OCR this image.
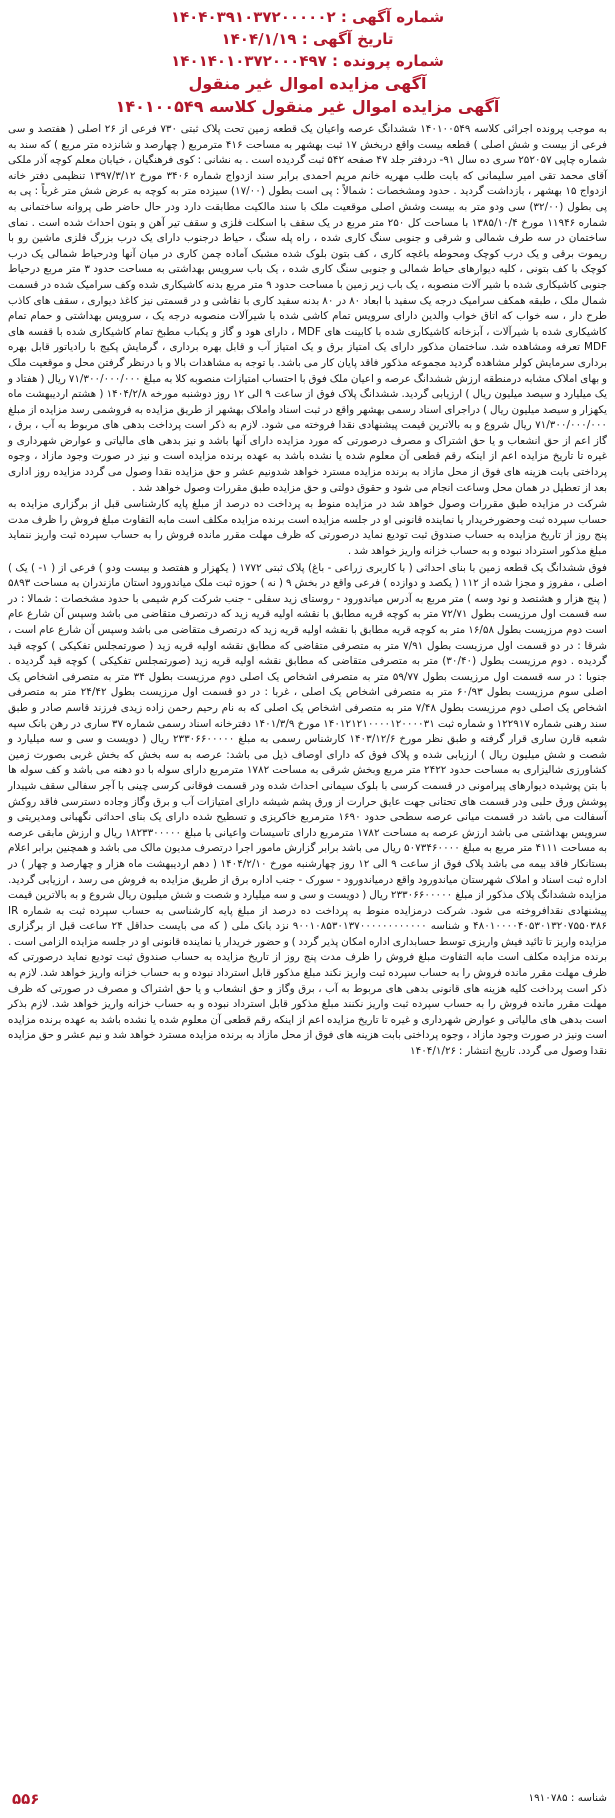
شماره آگهی : ۱۴۰۴۰۳۹۱۰۳۷۲۰۰۰۰۰۲
تاریخ آگهی : ۱۴۰۴/۱/۱۹
شماره پرونده : ۱۴۰۱۴۰۱۰۳۷۲۰۰۰۴۹۷
آگهی مزایده اموال غیر منقول
آگهی مزایده اموال غیر منقول کلاسه ۱۴۰۱۰۰۵۴۹

به موجب پرونده اجرائی کلاسه ۱۴۰۱۰۰۵۴۹ ششدانگ عرصه واعیان یک قطعه زمین تحت پلاک ثبتی ۷۳۰ فرعی از ۲۶ اصلی ( هفتصد و سی فرعی از بیست و شش اصلی ) قطعه بیست واقع دربخش ۱۷ ثبت بهشهر به مساحت ۴۱۶ مترمربع ( چهارصد و شانزده متر مربع ) که سند به شماره چاپی ۲۵۲۰۵۷ سری ده سال ۹۱- دردفتر جلد ۴۷ صفحه ۵۴۲ ثبت گردیده است . به نشانی : کوی فرهنگیان ، خیابان معلم کوچه آذر ملکی آقای محمد تقی امیر سلیمانی که بابت طلب مهریه خانم مریم احمدی برابر سند ازدواج شماره ۳۴۰۶ مورخ ۱۳۹۷/۳/۱۲ تنظیمی دفتر خانه ازدواج ۱۵ بهشهر ، بازداشت گردید . حدود ومشخصات : شمالاً : پی است بطول (۱۷/۰۰) سیزده متر به کوچه به عرض شش متر غرباً : پی به پی بطول (۳۲/۰۰) سی ودو متر به بیست وشش اصلی موقعیت ملک با سند مالکیت مطابقت دارد ودر حال حاضر طی پروانه ساختمانی به شماره ۱۱۹۴۶ مورخ ۱۳۸۵/۱۰/۴ با مساحت کل ۲۵۰ متر مربع در یک سقف با اسکلت فلزی و سقف تیر آهن و بتون احداث شده است . نمای ساختمان در سه طرف شمالی و شرقی و جنوبی سنگ کاری شده ، راه پله سنگ ، حیاط درجنوب دارای یک درب بزرگ فلزی ماشین رو با ریموت برقی و یک درب کوچک ومحوطه باغچه کاری ، کف بتون بلوک شده مشبک آماده چمن کاری در میان آنها ودرحیاط شمالی یک درب کوچک با کف بتونی ، کلیه دیوارهای حیاط شمالی و جنوبی سنگ کاری شده ، یک باب سرویس بهداشتی به مساحت حدود ۳ متر مربع درحیاط جنوبی کاشیکاری شده با شیر آلات منصوبه ، یک باب زیر زمین با مساحت حدود ۹ متر مربع بدنه کاشیکاری شده وکف سرامیک شده در قسمت شمال ملک ، طبقه همکف سرامیک درجه یک سفید با ابعاد ۸۰ در ۸۰ بدنه سفید کاری با نقاشی و در قسمتی نیز کاغذ دیواری ، سقف های کاذب طرح دار ، سه خواب که اتاق خواب والدین دارای سرویس تمام کاشی شده با شیرآلات منصوبه درجه یک ، سرویس بهداشتی و حمام تمام کاشیکاری شده با شیرآلات ، آبزخانه کاشیکاری شده با کابینت های MDF ، دارای هود و گاز و یکباب مطبخ تمام کاشیکاری شده با قفسه های MDF تعرفه ومشاهده شد. ساختمان مذکور دارای یک امتیاز برق و یک امتیاز آب و قابل بهره برداری ، گرمایش پکیج با رادیاتور قابل بهره برداری سرمایش کولر مشاهده گردید مجموعه مذکور فاقد پایان کار می باشد. با توجه به مشاهدات بالا و با درنظر گرفتن محل و موقعیت ملک و بهای املاک مشابه درمنطقه ارزش ششدانگ عرصه و اعیان ملک فوق با احتساب امتیازات منصوبه کلا به مبلغ ۷۱/۳۰۰/۰۰۰/۰۰۰ ریال ( هفتاد و یک میلیارد و سیصد میلیون ریال ) ارزیابی گردید. ششدانگ پلاک فوق از ساعت ۹ الی ۱۲ روز دوشنبه مورخه ۱۴۰۴/۲/۸ ( هشتم اردیبهشت ماه یکهزار و سیصد میلیون ریال ) دراجرای اسناد رسمی بهشهر واقع در ثبت اسناد واملاک بهشهر از طریق مزایده به فروشمی رسد مزایده از مبلغ ۷۱/۳۰۰/۰۰۰/۰۰۰ ریال شروع و به بالاترین قیمت پیشنهادی نقدا فروخته می شود. لازم به ذکر است پرداخت بدهی های مربوط به آب ، برق ، گاز اعم از حق انشعاب و یا حق اشتراک و مصرف درصورتی که مورد مزایده دارای آنها باشد و نیز بدهی های مالیاتی و عوارض شهرداری و غیره تا تاریخ مزایده اعم از اینکه رقم قطعی آن معلوم شده یا نشده باشد به عهده برنده مزایده است و نیز در صورت وجود مازاد ، وجوه پرداختی بابت هزینه های فوق از محل مازاد به برنده مزایده مسترد خواهد شدونیم عشر و حق مزایده نقدا وصول می گردد مزایده روز اداری بعد از تعطیل در همان محل وساعت انجام می شود و حقوق دولتی و حق مزایده طبق مقررات وصول خواهد شد .

شرکت در مزایده طبق مقررات وصول خواهد شد در مزایده منوط به پرداخت ده درصد از مبلغ پایه کارشناسی قبل از برگزاری مزایده به حساب سپرده ثبت وحضورخریدار یا نماینده قانونی او در جلسه مزایده است برنده مزایده مکلف است مابه التفاوت مبلغ فروش را ظرف مدت پنج روز از تاریخ مزایده به حساب صندوق ثبت تودیع نماید درصورتی که ظرف مهلت مقرر مانده فروش را به حساب سپرده ثبت واریز ننماید مبلغ مذکور استرداد نبوده و به حساب خزانه واریز خواهد شد .

فوق ششدانگ یک قطعه زمین با بنای احداثی ( با کاربری زراعی - باغ) پلاک ثبتی ۱۷۷۲ ( یکهزار و هفتصد و بیست ودو ) فرعی از ( ۱- ) یک ) اصلی ، مفروز و مجزا شده از ۱۱۲ ( یکصد و دوازده ) فرعی واقع در بخش ۹ ( نه ) حوزه ثبت ملک میاندورود استان مازندران به مساحت ۵۸۹۳ ( پنج هزار و هشتصد و نود وسه ) متر مربع به آدرس میاندورود - روستای زید سفلی - جنب شرکت کرم شیمی با حدود مشخصات : شمالا : در سه قسمت اول مرزیست بطول ۷۲/۷۱ متر به کوچه قریه مطابق با نقشه اولیه قریه زید که درتصرف متقاضی می باشد وسپس آن شارع عام است دوم مرزیست بطول ۱۶/۵۸ متر به کوچه قریه مطابق با نقشه اولیه قریه زید که درتصرف متقاضی می باشد وسپس آن شارع عام است ، شرقا : در دو قسمت اول مرزیست بطول ۷/۹۱ متر به متصرفی متقاضی که مطابق نقشه اولیه قریه زید ( صورتمجلس تفکیکی ) کوچه قید گردیده . دوم مرزیست بطول (۳۰/۴۰) متر به متصرفی متقاضی که مطابق نقشه اولیه قریه زید (صورتمجلس تفکیکی ) کوچه قید گردیده . جنوبا : در سه قسمت اول مرزیست بطول ۵۹/۷۷ متر به متصرفی اشخاص یک اصلی دوم مرزیست بطول ۳۴ متر به متصرفی اشخاص یک اصلی سوم مرزیست بطول ۶۰/۹۳ متر به متصرفی اشخاص یک اصلی ، غربا : در دو قسمت اول مرزیست بطول ۲۴/۴۲ متر به متصرفی اشخاص یک اصلی دوم مرزیست بطول ۷/۴۸ متر به متصرفی اشخاص یک اصلی که به نام رحیم رحمن زاده زیدی فرزند قاسم صادر و طبق سند رهنی شماره ۱۲۲۹۱۷ و شماره ثبت ۱۴۰۱۲۱۲۱۰۰۰۰۱۲۰۰۰۰۳۱ مورخ ۱۴۰۱/۳/۹ دفترخانه اسناد رسمی شماره ۳۷ ساری در رهن بانک سپه شعبه قارن ساری قرار گرفته و طبق نظر مورخ ۱۴۰۳/۱۲/۶ کارشناس رسمی به مبلغ ۲۳۳۰۶۶۰۰۰۰۰ ریال ( دویست و سی و سه میلیارد و شصت و شش میلیون ریال ) ارزیابی شده و پلاک فوق که دارای اوصاف ذیل می باشد: عرصه به سه بخش که بخش غربی بصورت زمین کشاورزی شالیزاری به مساحت حدود ۲۴۲۲ متر مربع وبخش شرقی به مساحت ۱۷۸۲ مترمربع دارای سوله با دو دهنه می باشد و کف سوله ها با بتن پوشیده دیوارهای پیرامونی در قسمت کرسی با بلوک سیمانی احداث شده ودر قسمت فوقانی کرسی چینی با آجر سفالی سقف شیبدار پوشش ورق حلبی ودر قسمت های تحتانی جهت عایق حرارت از ورق پشم شیشه دارای امتیازات آب و برق وگاز وجاده دسترسی فاقد روکش آسفالت می باشد در قسمت میانی عرصه سطحی حدود ۱۶۹۰ مترمربع خاکریزی و تسطیح شده دارای یک بنای احداثی نگهبانی ومدیریتی و سرویس بهداشتی می باشد ارزش عرصه به مساحت ۱۷۸۲ مترمربع دارای تاسیسات واعیانی با مبلغ ۱۸۲۳۳۰۰۰۰۰ ریال و ارزش مابقی عرصه به مساحت ۴۱۱۱ متر مربع به مبلغ ۵۰۷۳۴۶۰۰۰۰ ریال می باشد برابر گزارش مامور اجرا درتصرف مدیون مالک می باشد و همچنین برابر اعلام بستانکار فاقد بیمه می باشد پلاک فوق از ساعت ۹ الی ۱۲ روز چهارشنبه مورخ ۱۴۰۴/۲/۱۰ ( دهم اردیبهشت ماه هزار و چهارصد و چهار ) در اداره ثبت اسناد و املاک شهرستان میاندورود واقع درمیاندورود - سورک - جنب اداره برق از طریق مزایده به فروش می رسد ، ارزیابی گردید. مزایده ششدانگ پلاک مذکور از مبلغ ۲۳۳۰۶۶۰۰۰۰۰ ریال ( دویست و سی و سه میلیارد و شصت و شش میلیون ریال شروع و به بالاترین قیمت پیشنهادی نقدافروخته می شود. شرکت درمزایده منوط به پرداخت ده درصد از مبلغ پایه کارشناسی به حساب سپرده ثبت به شماره IR ۴۸۰۱۰۰۰۰۴۰۵۳۰۱۳۲۰۷۵۵۰۳۸۶ و شناسه ۹۰۰۱۰۸۵۳۰۱۳۷۰۰۰۰۰۰۰۰۰۰۰۰ نزد بانک ملی ( که می بایست حداقل ۲۴ ساعت قبل از برگزاری مزایده واریز تا تائید فیش واریزی توسط حسابداری اداره امکان پذیر گردد ) و حضور خریدار یا نماینده قانونی او در جلسه مزایده الزامی است . برنده مزایده مکلف است مابه التفاوت مبلغ فروش را ظرف مدت پنج روز از تاریخ مزایده به حساب صندوق ثبت تودیع نماید درصورتی که ظرف مهلت مقرر مانده فروش را به حساب سپرده ثبت واریز نکند مبلغ مذکور قابل استرداد نبوده و به حساب خزانه واریز خواهد شد. لازم به ذکر است پرداخت کلیه هزینه های قانونی بدهی های مربوط به آب ، برق وگاز و حق انشعاب و یا حق اشتراک و مصرف در صورتی که ظرف مهلت مقرر مانده فروش را به حساب سپرده ثبت واریز نکنند مبلغ مذکور قابل استرداد نبوده و به حساب خزانه واریز خواهد شد. لازم بذکر است بدهی های مالیاتی و عوارض شهرداری و غیره تا تاریخ مزایده اعم از اینکه رقم قطعی آن معلوم شده یا نشده باشد به عهده برنده مزایده است ونیز در صورت وجود مازاد ، وجوه پرداختی بابت هزینه های فوق از محل مازاد به برنده مزایده مسترد خواهد شد و نیم عشر و حق مزایده نقدا وصول می گردد. تاریخ انتشار : ۱۴۰۴/۱/۲۶

شناسه : ۱۹۱۰۷۸۵
۵۵۶
